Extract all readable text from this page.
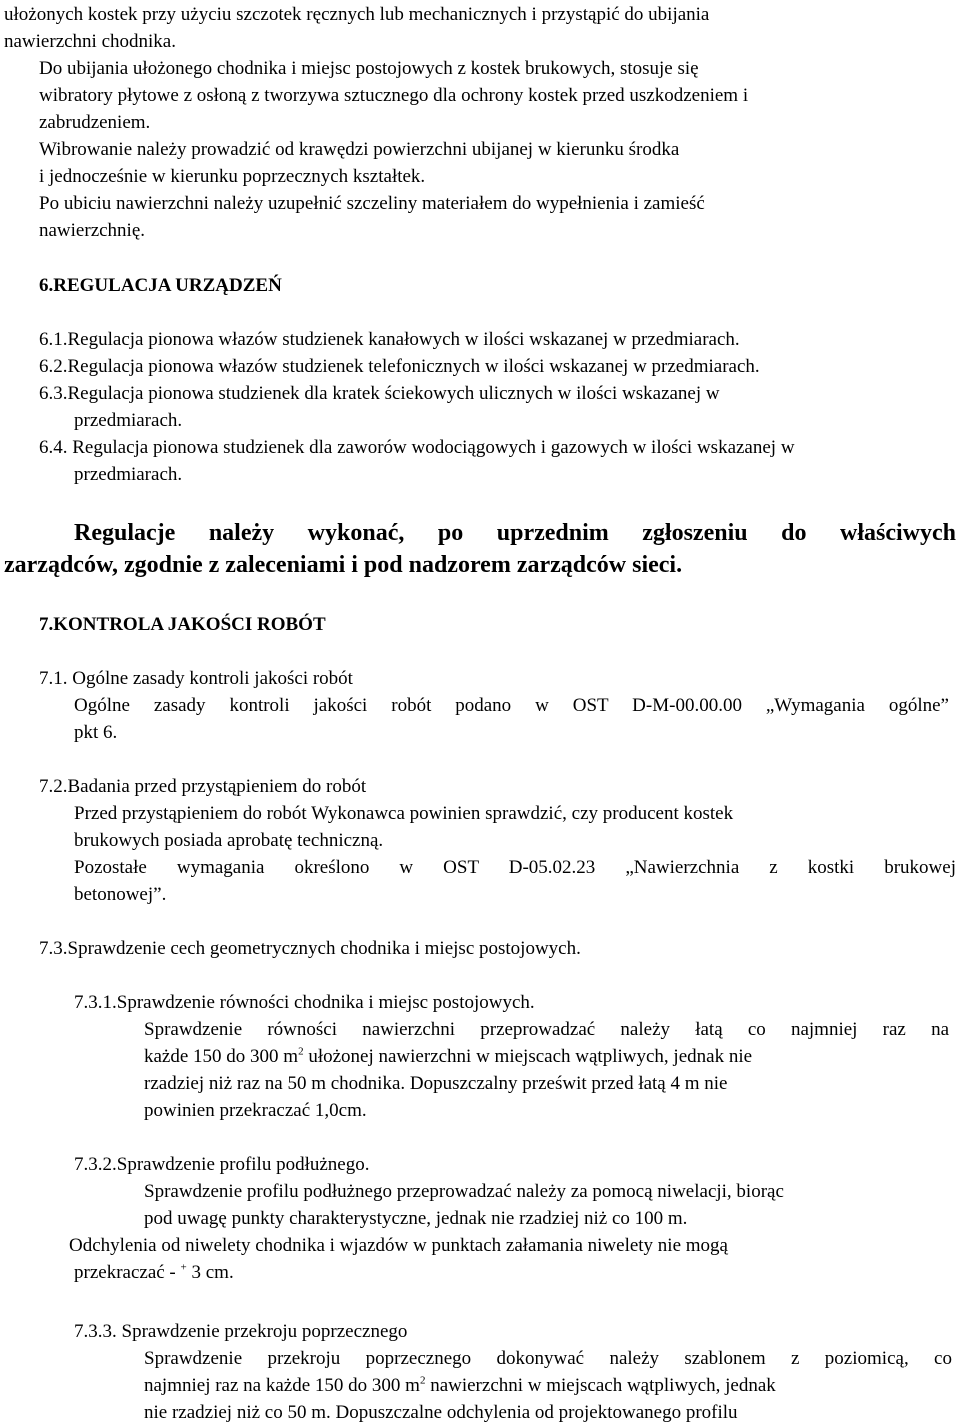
ułożonych kostek przy użyciu szczotek ręcznych lub mechanicznych i przystąpić do ubijania
nawierzchni chodnika.
Do ubijania ułożonego chodnika i miejsc postojowych z kostek brukowych, stosuje się
wibratory płytowe z osłoną z tworzywa sztucznego dla ochrony kostek przed uszkodzeniem i
zabrudzeniem.
Wibrowanie należy prowadzić od krawędzi powierzchni ubijanej w kierunku środka
i jednocześnie w kierunku poprzecznych kształtek.
Po ubiciu nawierzchni należy uzupełnić szczeliny materiałem do wypełnienia i zamieść
nawierzchnię.
6.REGULACJA URZĄDZEŃ
6.1.Regulacja pionowa włazów studzienek kanałowych w ilości wskazanej w przedmiarach.
6.2.Regulacja pionowa włazów studzienek telefonicznych w ilości wskazanej w przedmiarach.
6.3.Regulacja pionowa studzienek dla kratek ściekowych ulicznych w ilości wskazanej w
przedmiarach.
6.4. Regulacja pionowa studzienek dla zaworów wodociągowych i gazowych w ilości wskazanej w
przedmiarach.
Regulacje należy wykonać, po uprzednim zgłoszeniu do właściwych
zarządców, zgodnie z zaleceniami i pod nadzorem zarządców sieci.
7.KONTROLA JAKOŚCI ROBÓT
7.1. Ogólne zasady kontroli jakości robót
Ogólne zasady kontroli jakości robót podano w OST D-M-00.00.00 „Wymagania ogólne”
pkt 6.
7.2.Badania przed przystąpieniem do robót
Przed przystąpieniem do robót Wykonawca powinien sprawdzić, czy producent kostek
brukowych posiada aprobatę techniczną.
Pozostałe wymagania określono w OST D-05.02.23 „Nawierzchnia z kostki brukowej
betonowej”.
7.3.Sprawdzenie cech geometrycznych chodnika i miejsc postojowych.
7.3.1.Sprawdzenie równości chodnika i miejsc postojowych.
Sprawdzenie równości nawierzchni przeprowadzać należy łatą co najmniej raz na
każde 150 do 300 $m^2$ ułożonej nawierzchni w miejscach wątpliwych, jednak nie
rzadziej niż raz na 50 m chodnika. Dopuszczalny prześwit przed łatą 4 m nie
powinien przekraczać 1,0cm.
7.3.2.Sprawdzenie profilu podłużnego.
Sprawdzenie profilu podłużnego przeprowadzać należy za pomocą niwelacji, biorąc
pod uwagę punkty charakterystyczne, jednak nie rzadziej niż co 100 m.
Odchylenia od niwelety chodnika i wjazdów w punktach załamania niwelety nie mogą
przekraczać - + 3 cm.
7.3.3. Sprawdzenie przekroju poprzecznego
Sprawdzenie przekroju poprzecznego dokonywać należy szablonem z poziomicą, co
najmniej raz na każde 150 do 300 $m^2$ nawierzchni w miejscach wątpliwych, jednak
nie rzadziej niż co 50 m. Dopuszczalne odchylenia od projektowanego profilu
